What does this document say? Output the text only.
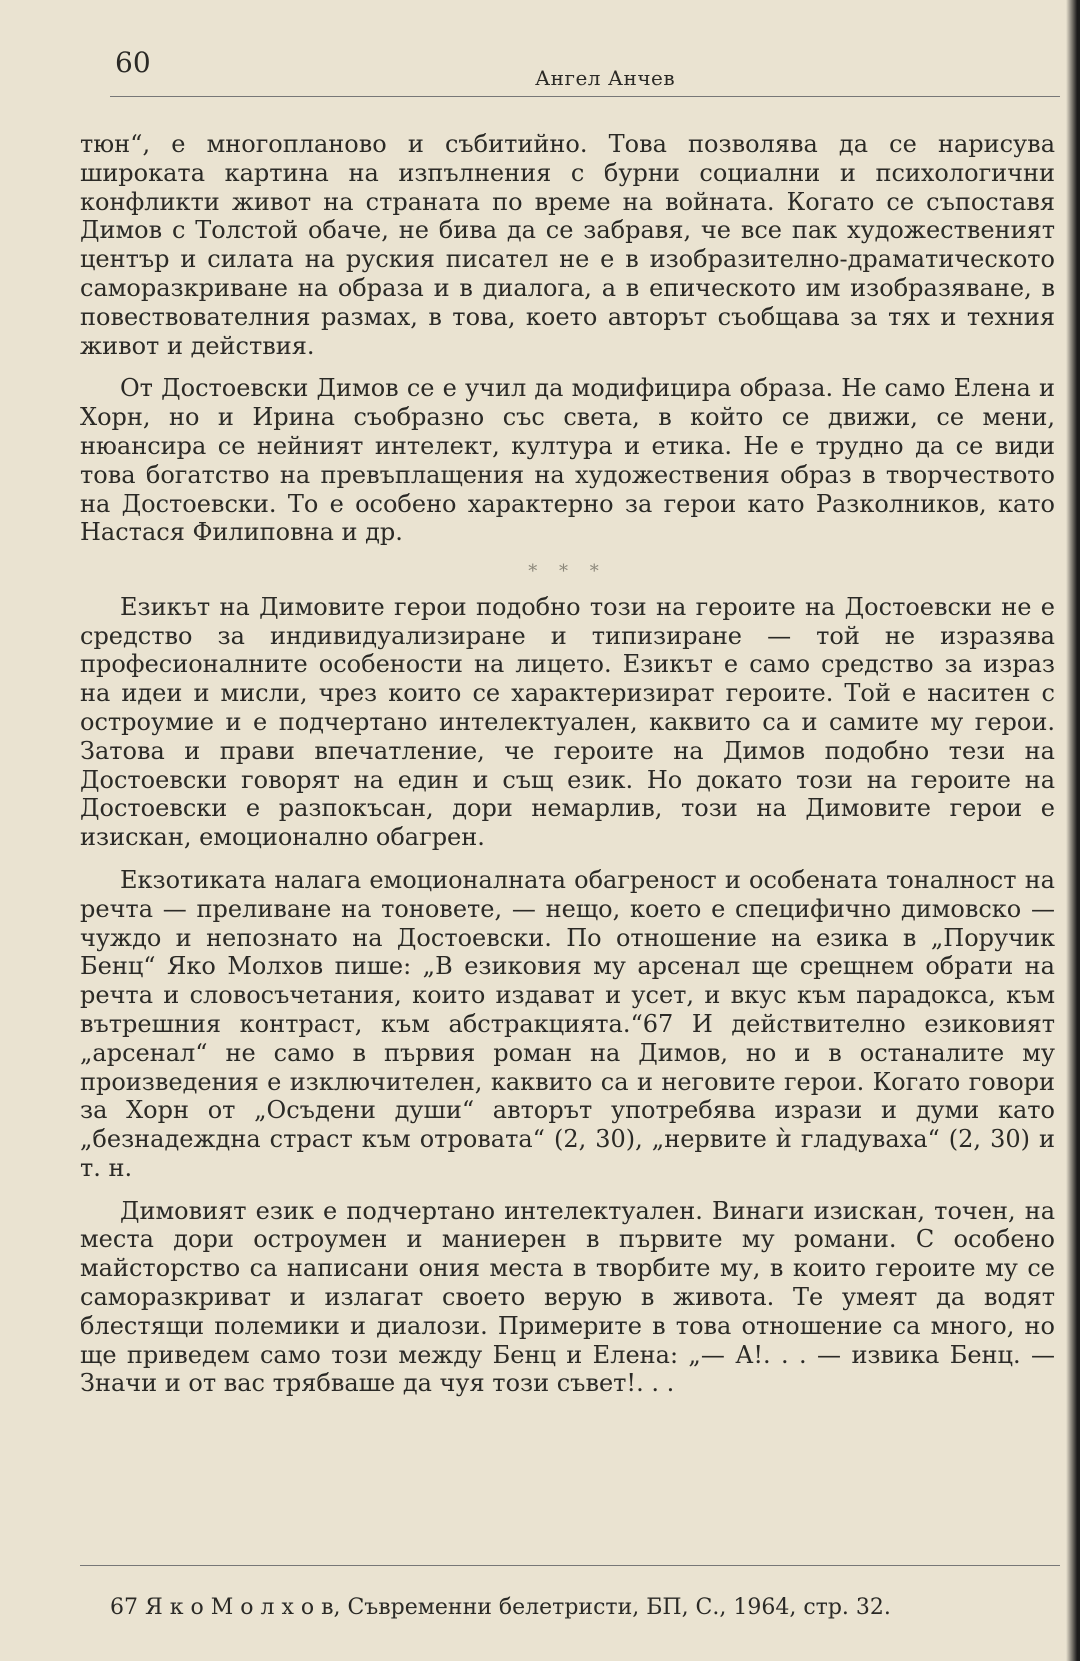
60	Ангел Анчев

тюн“, е многопланово и събитийно. Това позволява да се нарисува широката картина на изпълнения с бурни социални и психологични конфликти живот на страната по време на войната. Когато се съпоставя Димов с Толстой обаче, не бива да се забравя, че все пак художественият център и силата на руския писател не е в изобразително-драматическото саморазкриване на образа и в диалога, а в епическото им изобразяване, в повествователния размах, в това, което авторът съобщава за тях и техния живот и действия.

От Достоевски Димов се е учил да модифицира образа. Не само Елена и Хорн, но и Ирина съобразно със света, в който се движи, се мени, нюансира се нейният интелект, култура и етика. Не е трудно да се види това богатство на превъплащения на художествения образ в творчеството на Достоевски. То е особено характерно за герои като Разколников, като Настася Филиповна и др.

* * *

Езикът на Димовите герои подобно този на героите на Достоевски не е средство за индивидуализиране и типизиране — той не изразява професионалните особености на лицето. Езикът е само средство за израз на идеи и мисли, чрез които се характеризират героите. Той е наситен с остроумие и е подчертано интелектуален, каквито са и самите му герои. Затова и прави впечатление, че героите на Димов подобно тези на Достоевски говорят на един и същ език. Но докато този на героите на Достоевски е разпокъсан, дори немарлив, този на Димовите герои е изискан, емоционално обагрен.

Екзотиката налага емоционалната обагреност и особената тоналност на речта — преливане на тоновете, — нещо, което е специфично димовско — чуждо и непознато на Достоевски. По отношение на езика в „Поручик Бенц“ Яко Молхов пише: „В езиковия му арсенал ще срещнем обрати на речта и словосъчетания, които издават и усет, и вкус към парадокса, към вътрешния контраст, към абстракцията.“67 И действително езиковият „арсенал“ не само в първия роман на Димов, но и в останалите му произведения е изключителен, каквито са и неговите герои. Когато говори за Хорн от „Осъдени души“ авторът употребява изрази и думи като „безнадеждна страст към отровата“ (2, 30), „нервите ѝ гладуваха“ (2, 30) и т. н.

Димовият език е подчертано интелектуален. Винаги изискан, точен, на места дори остроумен и маниерен в първите му романи. С особено майсторство са написани ония места в творбите му, в които героите му се саморазкриват и излагат своето верую в живота. Те умеят да водят блестящи полемики и диалози. Примерите в това отношение са много, но ще приведем само този между Бенц и Елена: „— А!. . . — извика Бенц. — Значи и от вас трябваше да чуя този съвет!. . .

67 Я к о М о л х о в, Съвременни белетристи, БП, С., 1964, стр. 32.
